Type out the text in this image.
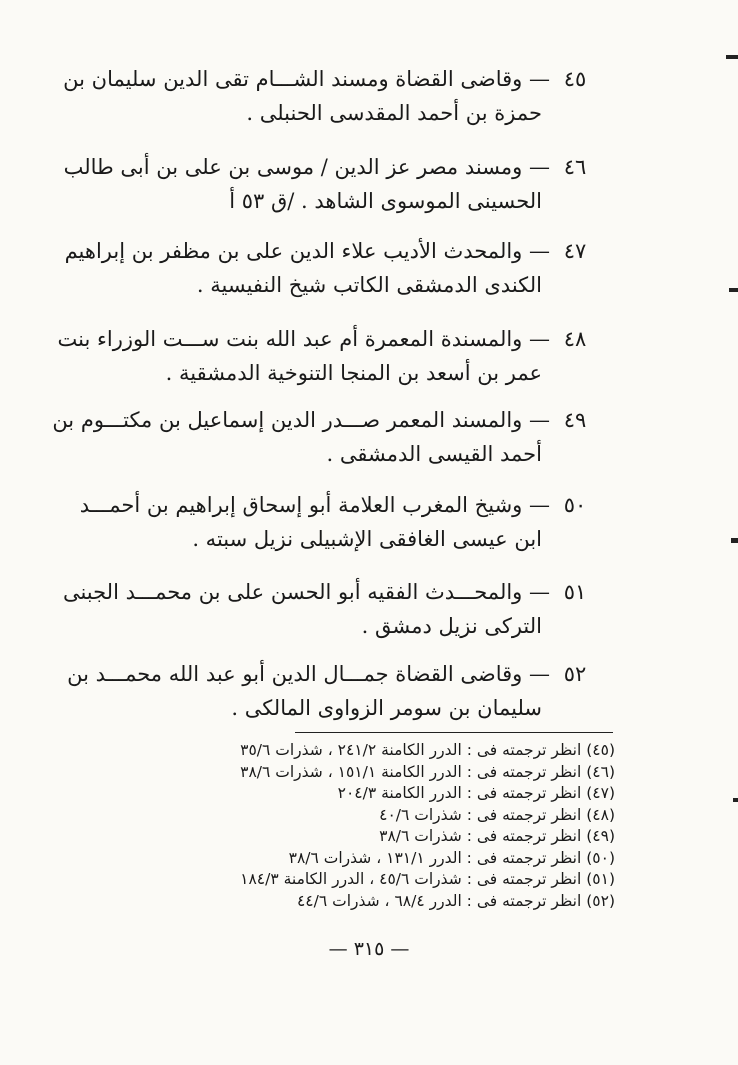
٤٥— وقاضى القضاة ومسند الشـــام تقى الدين سليمان بن
حمزة بن أحمد المقدسى الحنبلى .
٤٦— ومسند مصر عز الدين / موسى بن على بن أبى طالب
الحسينى الموسوى الشاهد . /ق ٥٣ أ
٤٧— والمحدث الأديب علاء الدين على بن مظفر بن إبراهيم
الكندى الدمشقى الكاتب شيخ النفيسية .
٤٨— والمسندة المعمرة أم عبد الله بنت ســـت الوزراء بنت
عمر بن أسعد بن المنجا التنوخية الدمشقية .
٤٩— والمسند المعمر صـــدر الدين إسماعيل بن مكتـــوم بن
أحمد القيسى الدمشقى .
٥٠— وشيخ المغرب العلامة أبو إسحاق إبراهيم بن أحمـــد
ابن عيسى الغافقى الإشبيلى نزيل سبته .
٥١— والمحـــدث الفقيه أبو الحسن على بن محمـــد الجبنى
التركى نزيل دمشق .
٥٢— وقاضى القضاة جمـــال الدين أبو عبد الله محمـــد بن
سليمان بن سومر الزواوى المالكى .
(٤٥) انظر ترجمته فى : الدرر الكامنة ٢٤١/٢ ، شذرات ٣٥/٦
(٤٦) انظر ترجمته فى : الدرر الكامنة ١٥١/١ ، شذرات ٣٨/٦
(٤٧) انظر ترجمته فى : الدرر الكامنة ٢٠٤/٣
(٤٨) انظر ترجمته فى : شذرات ٤٠/٦
(٤٩) انظر ترجمته فى : شذرات ٣٨/٦
(٥٠) انظر ترجمته فى : الدرر ١٣١/١ ، شذرات ٣٨/٦
(٥١) انظر ترجمته فى : شذرات ٤٥/٦ ، الدرر الكامنة ١٨٤/٣
(٥٢) انظر ترجمته فى : الدرر ٦٨/٤ ، شذرات ٤٤/٦
— ٣١٥ —
